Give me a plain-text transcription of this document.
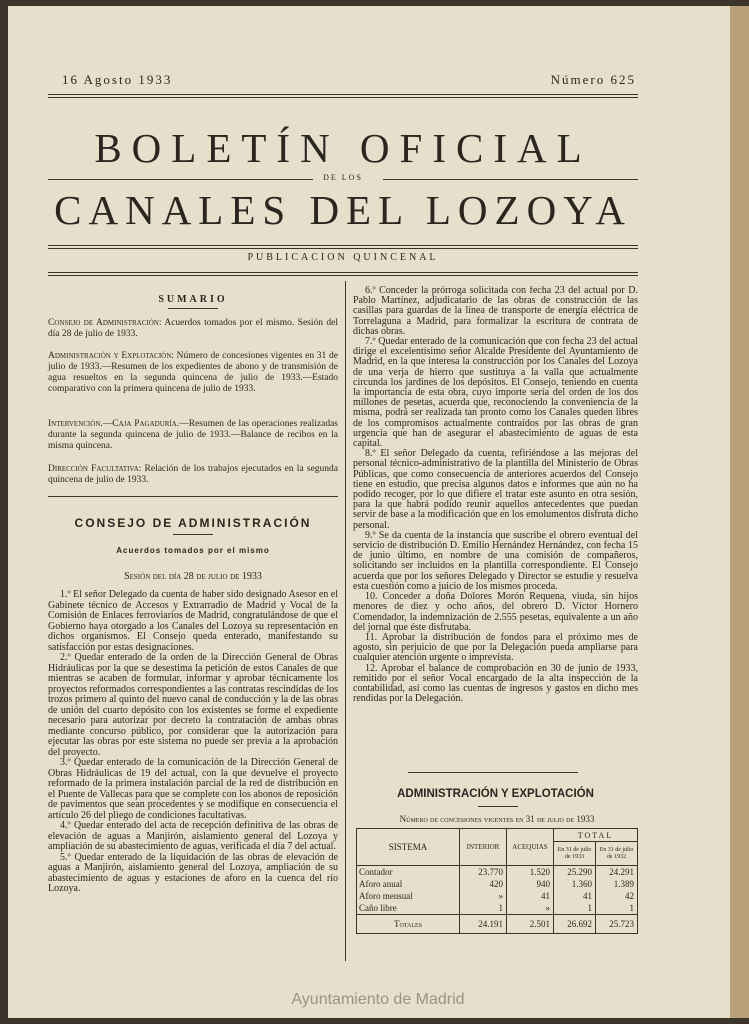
16 Agosto 1933	Número 625
BOLETÍN OFICIAL
DE LOS
CANALES DEL LOZOYA
PUBLICACION QUINCENAL
SUMARIO
Consejo de Administración: Acuerdos tomados por el mismo. Sesión del día 28 de julio de 1933.
Administración y Explotación: Número de concesiones vigentes en 31 de julio de 1933.—Resumen de los expedientes de abono y de transmisión de agua resueltos en la segunda quincena de julio de 1933.—Estado comparativo con la primera quincena de julio de 1933.
Intervención.—Caja Pagaduría.—Resumen de las operaciones realizadas durante la segunda quincena de julio de 1933.—Balance de recibos en la misma quincena.
Dirección Facultativa: Relación de los trabajos ejecutados en la segunda quincena de julio de 1933.
CONSEJO DE ADMINISTRACIÓN
Acuerdos tomados por el mismo
Sesión del día 28 de julio de 1933

1.º El señor Delegado da cuenta de haber sido designado Asesor en el Gabinete técnico de Accesos y Extrarradio de Madrid y Vocal de la Comisión de Enlaces ferroviarios de Madrid, congratulándose de que el Gobierno haya otorgado a los Canales del Lozoya su representación en dichos organismos. El Consejo queda enterado, manifestando su satisfacción por estas designaciones.

2.º Quedar enterado de la orden de la Dirección General de Obras Hidráulicas por la que se desestima la petición de estos Canales de que mientras se acaben de formular, informar y aprobar técnicamente los proyectos reformados correspondientes a las contratas rescindidas de los trozos primero al quinto del nuevo canal de conducción y la de las obras de unión del cuarto depósito con los existentes se forme el expediente necesario para autorizar por decreto la contratación de ambas obras mediante concurso público, por considerar que la autorización para ejecutar las obras por este sistema no puede ser previa a la aprobación del proyecto.

3.º Quedar enterado de la comunicación de la Dirección General de Obras Hidráulicas de 19 del actual, con la que devuelve el proyecto reformado de la primera instalación parcial de la red de distribución en el Puente de Vallecas para que se complete con los abonos de reposición de pavimentos que sean procedentes y se modifique en consecuencia el artículo 26 del pliego de condiciones facultativas.

4.º Quedar enterado del acta de recepción definitiva de las obras de elevación de aguas a Manjirón, aislamiento general del Lozoya y ampliación de su abastecimiento de aguas, verificada el día 7 del actual.

5.º Quedar enterado de la liquidación de las obras de elevación de aguas a Manjirón, aislamiento general del Lozoya, ampliación de su abastecimiento de aguas y estaciones de aforo en la cuenca del río Lozoya.

6.º Conceder la prórroga solicitada con fecha 23 del actual por D. Pablo Martínez, adjudicatario de las obras de construcción de las casillas para guardas de la línea de transporte de energía eléctrica de Torrelaguna a Madrid, para formalizar la escritura de contrata de dichas obras.

7.º Quedar enterado de la comunicación que con fecha 23 del actual dirige el excelentísimo señor Alcalde Presidente del Ayuntamiento de Madrid, en la que interesa la construcción por los Canales del Lozoya de una verja de hierro que sustituya a la valla que actualmente circunda los jardines de los depósitos. El Consejo, teniendo en cuenta la importancia de esta obra, cuyo importe sería del orden de los dos millones de pesetas, acuerda que, reconociendo la conveniencia de la misma, podrá ser realizada tan pronto como los Canales queden libres de los compromisos actualmente contraídos por las obras de gran urgencia que han de asegurar el abastecimiento de aguas de esta capital.

8.º El señor Delegado da cuenta, refiriéndose a las mejoras del personal técnico-administrativo de la plantilla del Ministerio de Obras Públicas, que como consecuencia de anteriores acuerdos del Consejo tiene en estudio, que precisa algunos datos e informes que aún no ha podido recoger, por lo que difiere el tratar este asunto en otra sesión, para la que habrá podido reunir aquellos antecedentes que puedan servir de base a la modificación que en los emolumentos disfruta dicho personal.

9.º Se da cuenta de la instancia que suscribe el obrero eventual del servicio de distribución D. Emilio Hernández Hernández, con fecha 15 de junio último, en nombre de una comisión de compañeros, solicitando ser incluidos en la plantilla correspondiente. El Consejo acuerda que por los señores Delegado y Director se estudie y resuelva esta cuestión como a juicio de los mismos proceda.

10. Conceder a doña Dolores Morón Requena, viuda, sin hijos menores de diez y ocho años, del obrero D. Víctor Hornero Comendador, la indemnización de 2.555 pesetas, equivalente a un año del jornal que éste disfrutaba.

11. Aprobar la distribución de fondos para el próximo mes de agosto, sin perjuicio de que por la Delegación pueda ampliarse para cualquier atención urgente o imprevista.

12. Aprobar el balance de comprobación en 30 de junio de 1933, remitido por el señor Vocal encargado de la alta inspección de la contabilidad, así como las cuentas de ingresos y gastos en dicho mes rendidas por la Delegación.

ADMINISTRACIÓN Y EXPLOTACIÓN
Número de concesiones vigentes en 31 de julio de 1933
SISTEMA	INTERIOR	ACEQUIAS	TOTAL	
			En 31 de julio de 1933	En 31 de julio de 1932
Contador	23.770	1.520	25.290	24.291
Aforo anual	420	940	1.360	1.389
Aforo mensual	»	41	41	42
Caño libre	1	»	1	1
Totales	24.191	2.501	26.692	25.723
Ayuntamiento de Madrid
